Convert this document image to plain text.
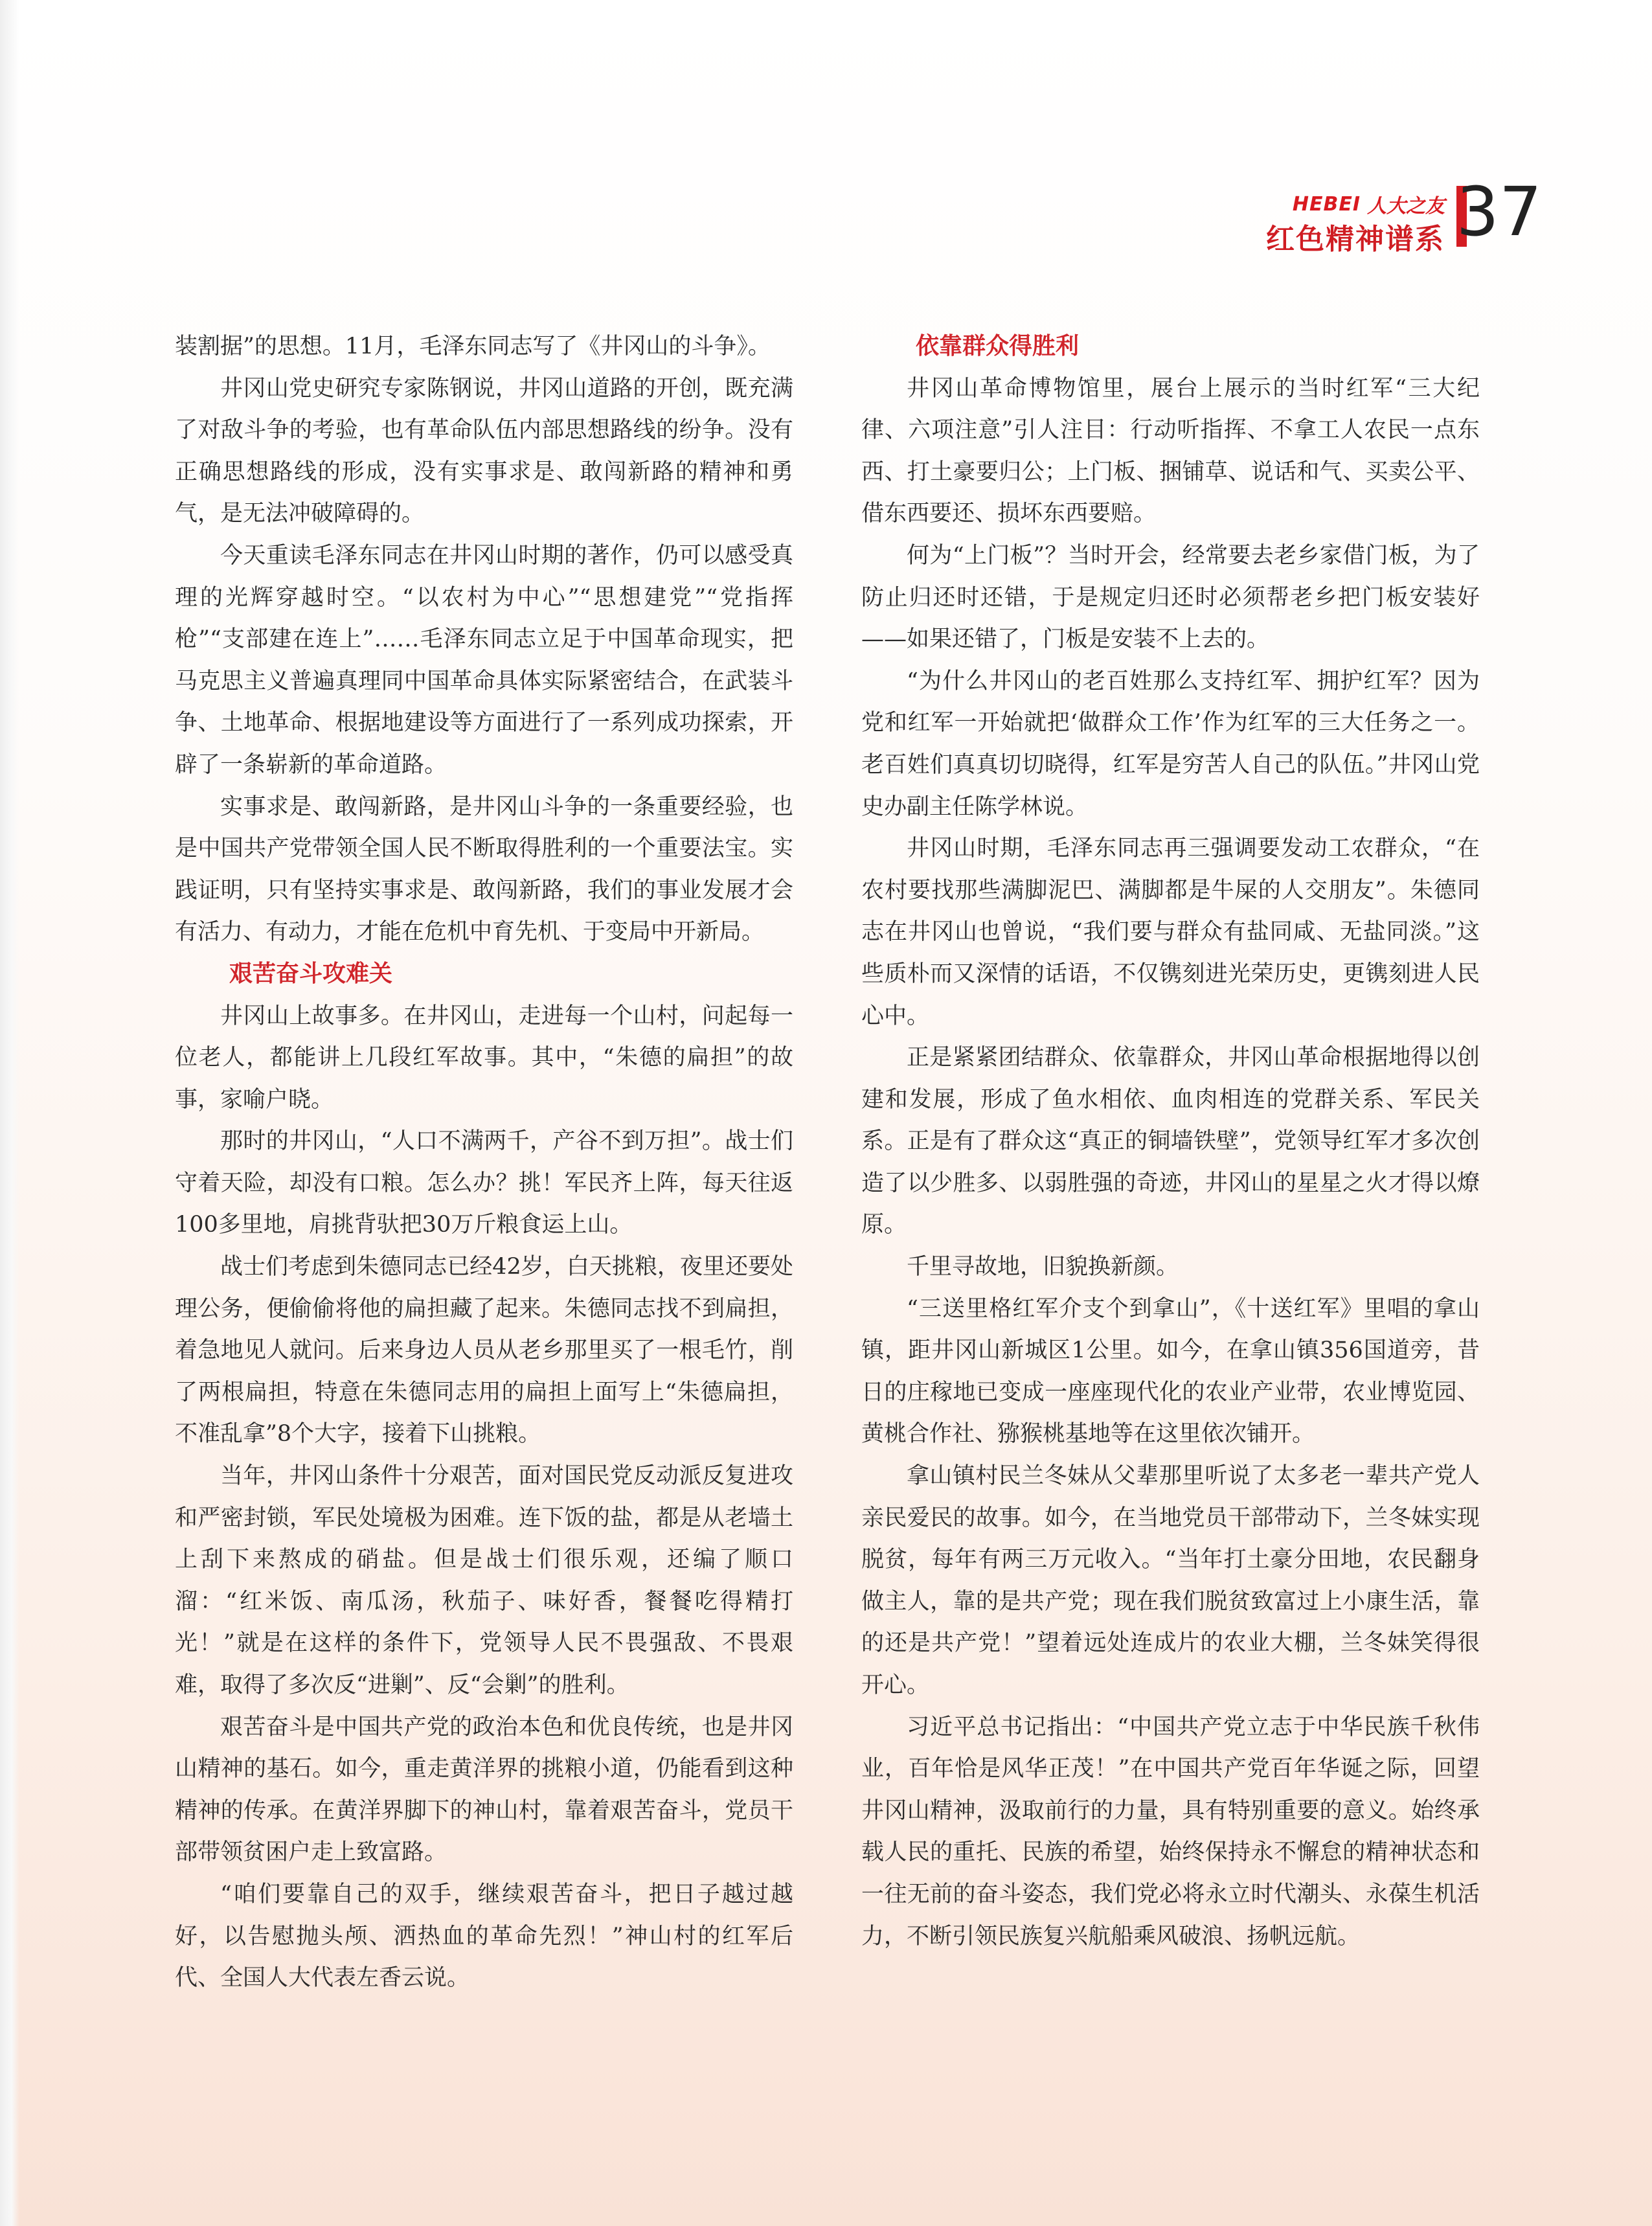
HEBEI 人大之友
红色精神谱系 37

装割据”的思想。11月，毛泽东同志写了《井冈山的斗争》。

井冈山党史研究专家陈钢说，井冈山道路的开创，既充满了对敌斗争的考验，也有革命队伍内部思想路线的纷争。没有正确思想路线的形成，没有实事求是、敢闯新路的精神和勇气，是无法冲破障碍的。

今天重读毛泽东同志在井冈山时期的著作，仍可以感受真理的光辉穿越时空。“以农村为中心”“思想建党”“党指挥枪”“支部建在连上”……毛泽东同志立足于中国革命现实，把马克思主义普遍真理同中国革命具体实际紧密结合，在武装斗争、土地革命、根据地建设等方面进行了一系列成功探索，开辟了一条崭新的革命道路。

实事求是、敢闯新路，是井冈山斗争的一条重要经验，也是中国共产党带领全国人民不断取得胜利的一个重要法宝。实践证明，只有坚持实事求是、敢闯新路，我们的事业发展才会有活力、有动力，才能在危机中育先机、于变局中开新局。

艰苦奋斗攻难关

井冈山上故事多。在井冈山，走进每一个山村，问起每一位老人，都能讲上几段红军故事。其中，“朱德的扁担”的故事，家喻户晓。

那时的井冈山，“人口不满两千，产谷不到万担”。战士们守着天险，却没有口粮。怎么办？挑！军民齐上阵，每天往返100多里地，肩挑背驮把30万斤粮食运上山。

战士们考虑到朱德同志已经42岁，白天挑粮，夜里还要处理公务，便偷偷将他的扁担藏了起来。朱德同志找不到扁担，着急地见人就问。后来身边人员从老乡那里买了一根毛竹，削了两根扁担，特意在朱德同志用的扁担上面写上“朱德扁担，不准乱拿”8个大字，接着下山挑粮。

当年，井冈山条件十分艰苦，面对国民党反动派反复进攻和严密封锁，军民处境极为困难。连下饭的盐，都是从老墙土上刮下来熬成的硝盐。但是战士们很乐观，还编了顺口溜：“红米饭、南瓜汤，秋茄子、味好香，餐餐吃得精打光！”就是在这样的条件下，党领导人民不畏强敌、不畏艰难，取得了多次反“进剿”、反“会剿”的胜利。

艰苦奋斗是中国共产党的政治本色和优良传统，也是井冈山精神的基石。如今，重走黄洋界的挑粮小道，仍能看到这种精神的传承。在黄洋界脚下的神山村，靠着艰苦奋斗，党员干部带领贫困户走上致富路。

“咱们要靠自己的双手，继续艰苦奋斗，把日子越过越好，以告慰抛头颅、洒热血的革命先烈！”神山村的红军后代、全国人大代表左香云说。

依靠群众得胜利

井冈山革命博物馆里，展台上展示的当时红军“三大纪律、六项注意”引人注目：行动听指挥、不拿工人农民一点东西、打土豪要归公；上门板、捆铺草、说话和气、买卖公平、借东西要还、损坏东西要赔。

何为“上门板”？当时开会，经常要去老乡家借门板，为了防止归还时还错，于是规定归还时必须帮老乡把门板安装好——如果还错了，门板是安装不上去的。

“为什么井冈山的老百姓那么支持红军、拥护红军？因为党和红军一开始就把‘做群众工作’作为红军的三大任务之一。老百姓们真真切切晓得，红军是穷苦人自己的队伍。”井冈山党史办副主任陈学林说。

井冈山时期，毛泽东同志再三强调要发动工农群众，“在农村要找那些满脚泥巴、满脚都是牛屎的人交朋友”。朱德同志在井冈山也曾说，“我们要与群众有盐同咸、无盐同淡。”这些质朴而又深情的话语，不仅镌刻进光荣历史，更镌刻进人民心中。

正是紧紧团结群众、依靠群众，井冈山革命根据地得以创建和发展，形成了鱼水相依、血肉相连的党群关系、军民关系。正是有了群众这“真正的铜墙铁壁”，党领导红军才多次创造了以少胜多、以弱胜强的奇迹，井冈山的星星之火才得以燎原。

千里寻故地，旧貌换新颜。

“三送里格红军介支个到拿山”，《十送红军》里唱的拿山镇，距井冈山新城区1公里。如今，在拿山镇356国道旁，昔日的庄稼地已变成一座座现代化的农业产业带，农业博览园、黄桃合作社、猕猴桃基地等在这里依次铺开。

拿山镇村民兰冬妹从父辈那里听说了太多老一辈共产党人亲民爱民的故事。如今，在当地党员干部带动下，兰冬妹实现脱贫，每年有两三万元收入。“当年打土豪分田地，农民翻身做主人，靠的是共产党；现在我们脱贫致富过上小康生活，靠的还是共产党！”望着远处连成片的农业大棚，兰冬妹笑得很开心。

习近平总书记指出：“中国共产党立志于中华民族千秋伟业，百年恰是风华正茂！”在中国共产党百年华诞之际，回望井冈山精神，汲取前行的力量，具有特别重要的意义。始终承载人民的重托、民族的希望，始终保持永不懈怠的精神状态和一往无前的奋斗姿态，我们党必将永立时代潮头、永葆生机活力，不断引领民族复兴航船乘风破浪、扬帆远航。
